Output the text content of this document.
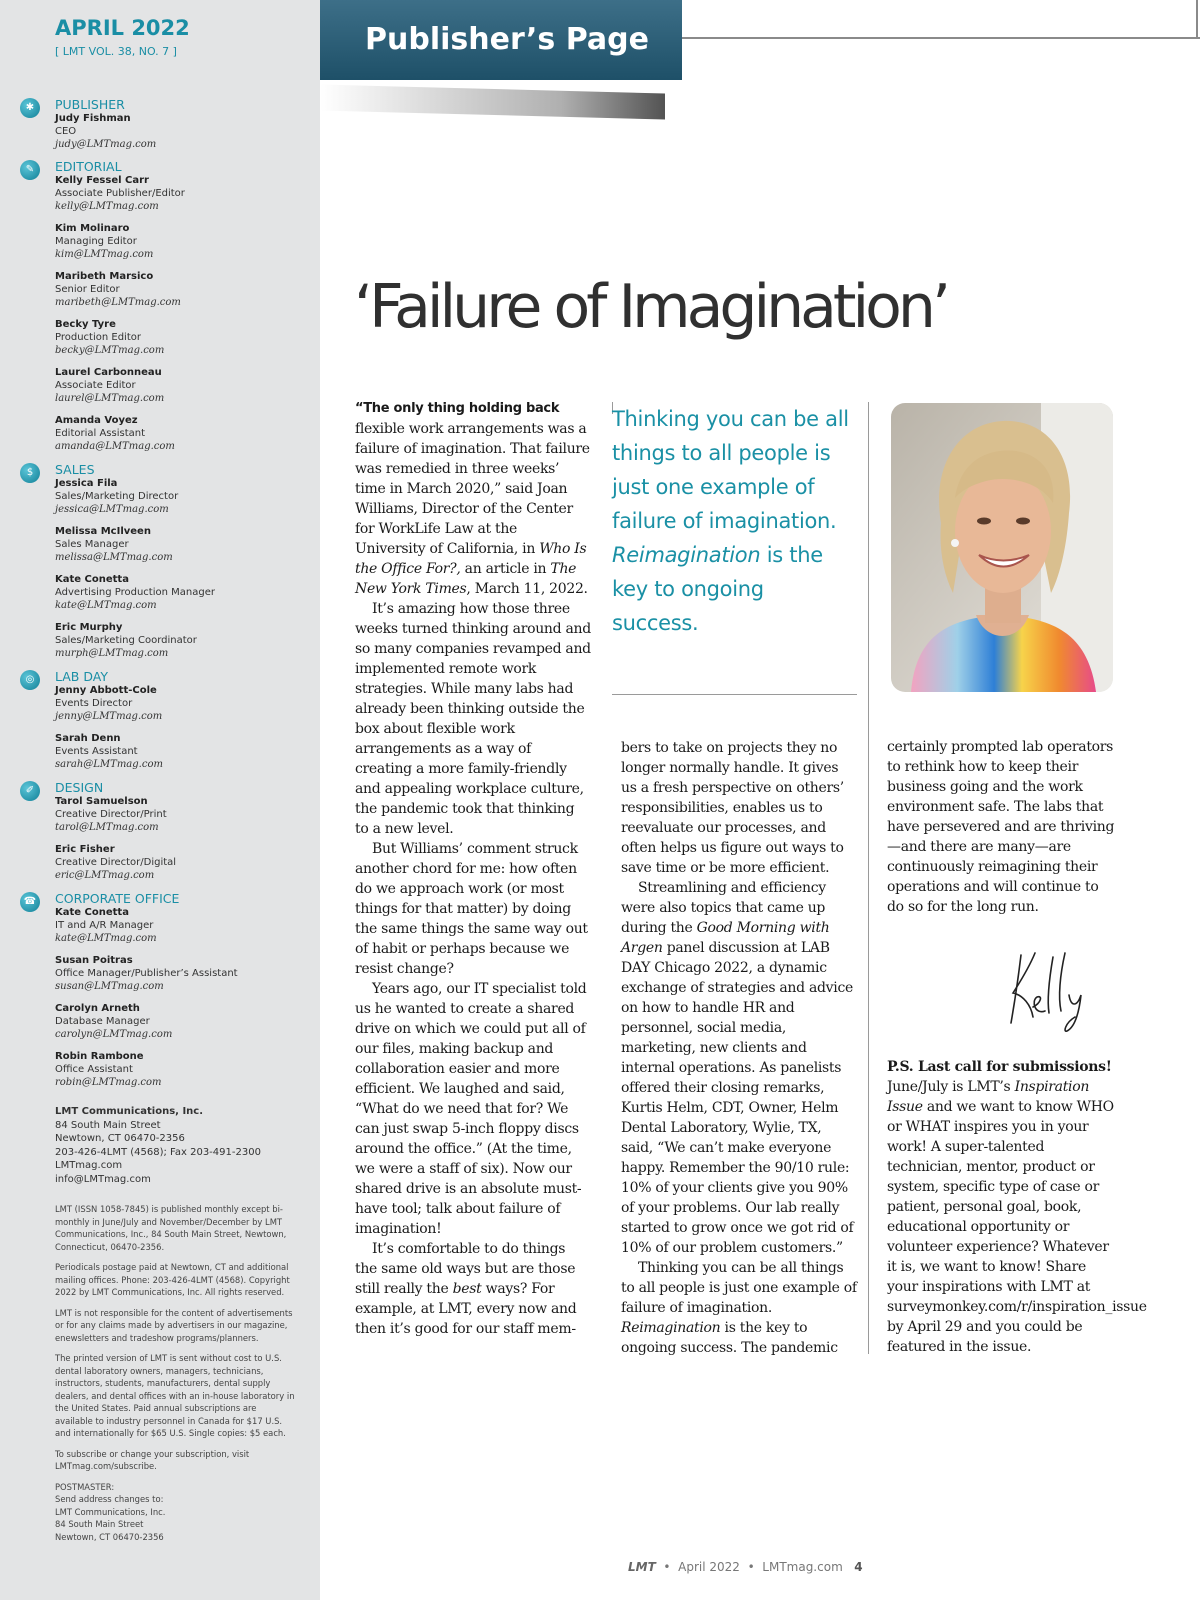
APRIL 2022
[ LMT VOL. 38, NO. 7 ]
✱	PUBLISHER
Judy Fishman
CEO
judy@LMTmag.com
✎	EDITORIAL
Kelly Fessel Carr
Associate Publisher/Editor
kelly@LMTmag.com
Kim Molinaro
Managing Editor
kim@LMTmag.com
Maribeth Marsico
Senior Editor
maribeth@LMTmag.com
Becky Tyre
Production Editor
becky@LMTmag.com
Laurel Carbonneau
Associate Editor
laurel@LMTmag.com
Amanda Voyez
Editorial Assistant
amanda@LMTmag.com
$	SALES
Jessica Fila
Sales/Marketing Director
jessica@LMTmag.com
Melissa McIlveen
Sales Manager
melissa@LMTmag.com
Kate Conetta
Advertising Production Manager
kate@LMTmag.com
Eric Murphy
Sales/Marketing Coordinator
murph@LMTmag.com
◎	LAB DAY
Jenny Abbott-Cole
Events Director
jenny@LMTmag.com
Sarah Denn
Events Assistant
sarah@LMTmag.com
✐	DESIGN
Tarol Samuelson
Creative Director/Print
tarol@LMTmag.com
Eric Fisher
Creative Director/Digital
eric@LMTmag.com
☎	CORPORATE OFFICE
Kate Conetta
IT and A/R Manager
kate@LMTmag.com
Susan Poitras
Office Manager/Publisher’s Assistant
susan@LMTmag.com
Carolyn Arneth
Database Manager
carolyn@LMTmag.com
Robin Rambone
Office Assistant
robin@LMTmag.com
LMT Communications, Inc.
84 South Main Street
Newtown, CT 06470-2356
203-426-4LMT (4568); Fax 203-491-2300
LMTmag.com
info@LMTmag.com

LMT (ISSN 1058-7845) is published monthly except bi-monthly in June/July and November/December by LMT Communications, Inc., 84 South Main Street, Newtown, Connecticut, 06470-2356.

Periodicals postage paid at Newtown, CT and additional mailing offices. Phone: 203-426-4LMT (4568). Copyright 2022 by LMT Communications, Inc. All rights reserved.

LMT is not responsible for the content of advertisements or for any claims made by advertisers in our magazine, enewsletters and tradeshow programs/planners.

The printed version of LMT is sent without cost to U.S. dental laboratory owners, managers, technicians, instructors, students, manufacturers, dental supply dealers, and dental offices with an in-house laboratory in the United States. Paid annual subscriptions are available to industry personnel in Canada for $17 U.S. and internationally for $65 U.S. Single copies: $5 each.

To subscribe or change your subscription, visit LMTmag.com/subscribe.

POSTMASTER:
Send address changes to:
LMT Communications, Inc.
84 South Main Street
Newtown, CT 06470-2356

Publisher’s Page
‘Failure of Imagination’

“The only thing holding back
flexible work arrangements was a failure of imagination. That failure was remedied in three weeks’ time in March 2020,” said Joan Williams, Director of the Center for WorkLife Law at the University of California, in Who Is the Office For?, an article in The New York Times, March 11, 2022.

It’s amazing how those three weeks turned thinking around and so many companies revamped and implemented remote work strategies. While many labs had already been thinking outside the box about flexible work arrangements as a way of creating a more family-friendly and appealing workplace culture, the pandemic took that thinking to a new level.

But Williams’ comment struck another chord for me: how often do we approach work (or most things for that matter) by doing the same things the same way out of habit or perhaps because we resist change?

Years ago, our IT specialist told us he wanted to create a shared drive on which we could put all of our files, making backup and collaboration easier and more efficient. We laughed and said, “What do we need that for? We can just swap 5-inch floppy discs around the office.” (At the time, we were a staff of six). Now our shared drive is an absolute must-have tool; talk about failure of imagination!

It’s comfortable to do things the same old ways but are those still really the best ways? For example, at LMT, every now and then it’s good for our staff mem-

Thinking you can be all things to all people is just one example of failure of imagination. Reimagination is the key to ongoing success.

bers to take on projects they no longer normally handle. It gives us a fresh perspective on others’ responsibilities, enables us to reevaluate our processes, and often helps us figure out ways to save time or be more efficient.

Streamlining and efficiency were also topics that came up during the Good Morning with Argen panel discussion at LAB DAY Chicago 2022, a dynamic exchange of strategies and advice on how to handle HR and personnel, social media, marketing, new clients and internal operations. As panelists offered their closing remarks, Kurtis Helm, CDT, Owner, Helm Dental Laboratory, Wylie, TX, said, “We can’t make everyone happy. Remember the 90/10 rule: 10% of your clients give you 90% of your problems. Our lab really started to grow once we got rid of 10% of our problem customers.”

Thinking you can be all things to all people is just one example of failure of imagination. Reimagination is the key to ongoing success. The pandemic

certainly prompted lab operators to rethink how to keep their business going and the work environment safe. The labs that have persevered and are thriving—and there are many—are continuously reimagining their operations and will continue to do so for the long run.

P.S. Last call for submissions! June/July is LMT’s Inspiration Issue and we want to know WHO or WHAT inspires you in your work! A super-talented technician, mentor, product or system, specific type of case or patient, personal goal, book, educational opportunity or volunteer experience? Whatever it is, we want to know! Share your inspirations with LMT at surveymonkey.com/r/inspiration_issue by April 29 and you could be featured in the issue.
LMT • April 2022 • LMTmag.com 4
